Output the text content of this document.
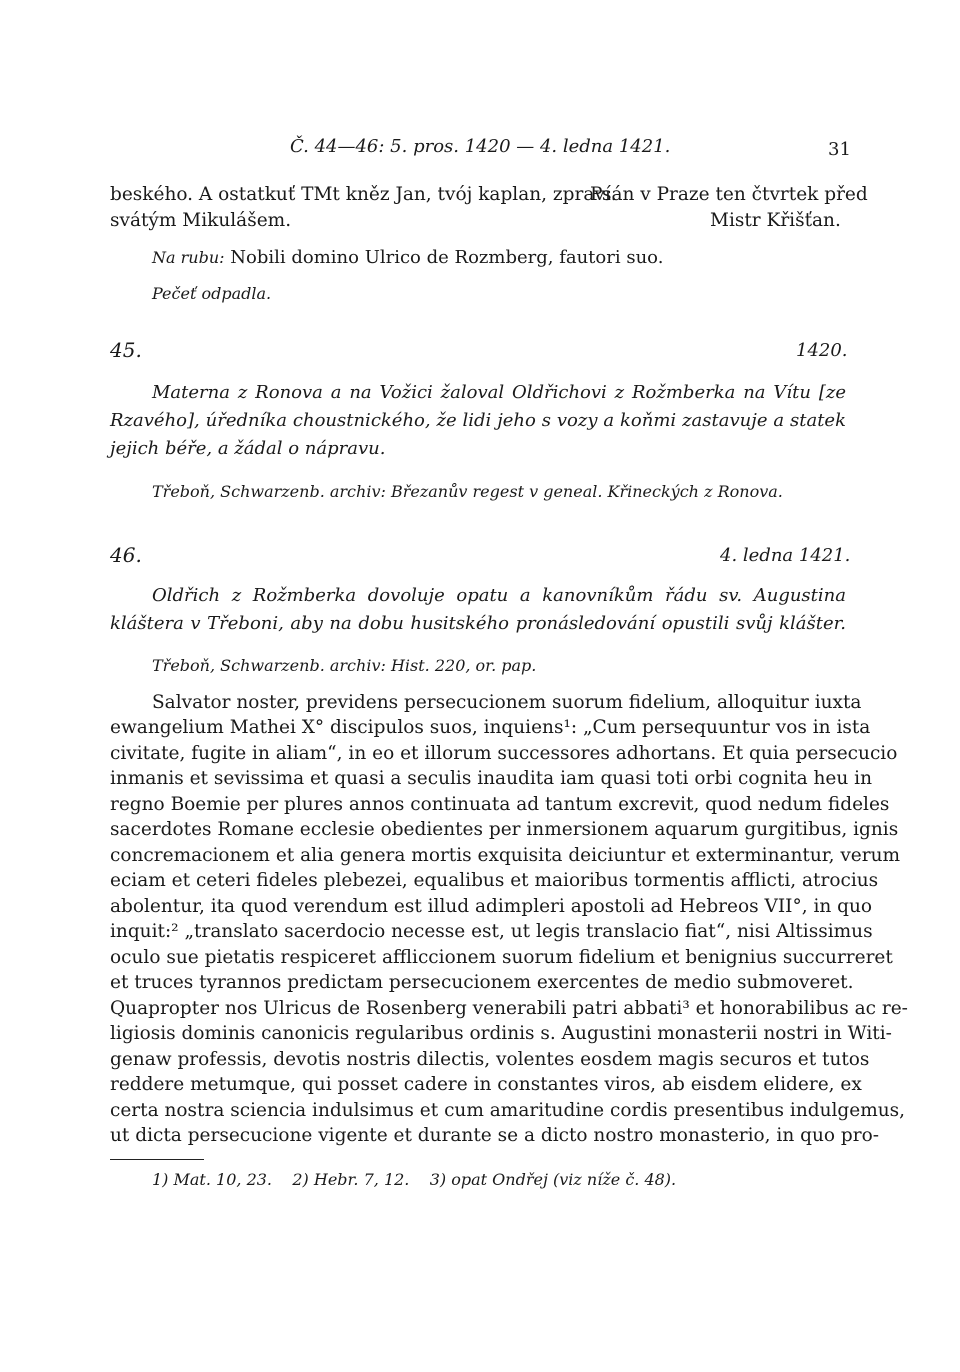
Č. 44—46: 5. pros. 1420 — 4. ledna 1421.	31
beského. A ostatkuť TMt kněz Jan, tvój kaplan, zpraví.
Psán v Praze ten čtvrtek před
svátým Mikulášem.	Mistr Křišťan.
Na rubu: Nobili domino Ulrico de Rozmberg, fautori suo.
Pečeť odpadla.
45.	1420.
Materna z Ronova a na Vožici žaloval Oldřichovi z Rožmberka na Vítu [ze
Rzavého], úředníka choustnického, že lidi jeho s vozy a koňmi zastavuje a statek
jejich béře, a žádal o nápravu.
Třeboň, Schwarzenb. archiv: Březanův regest v geneal. Křineckých z Ronova.
46.	4. ledna 1421.
Oldřich z Rožmberka dovoluje opatu a kanovníkům řádu sv. Augustina
kláštera v Třeboni, aby na dobu husitského pronásledování opustili svůj klášter.
Třeboň, Schwarzenb. archiv: Hist. 220, or. pap.
Salvator noster, previdens persecucionem suorum fidelium, alloquitur iuxta
ewangelium Mathei X° discipulos suos, inquiens¹: „Cum persequuntur vos in ista
civitate, fugite in aliam“, in eo et illorum successores adhortans. Et quia persecucio
inmanis et sevissima et quasi a seculis inaudita iam quasi toti orbi cognita heu in
regno Boemie per plures annos continuata ad tantum excrevit, quod nedum fideles
sacerdotes Romane ecclesie obedientes per inmersionem aquarum gurgitibus, ignis
concremacionem et alia genera mortis exquisita deiciuntur et exterminantur, verum
eciam et ceteri fideles plebezei, equalibus et maioribus tormentis afflicti, atrocius
abolentur, ita quod verendum est illud adimpleri apostoli ad Hebreos VII°, in quo
inquit:² „translato sacerdocio necesse est, ut legis translacio fiat“, nisi Altissimus
oculo sue pietatis respiceret affliccionem suorum fidelium et benignius succurreret
et truces tyrannos predictam persecucionem exercentes de medio submoveret.
Quapropter nos Ulricus de Rosenberg venerabili patri abbati³ et honorabilibus ac re-
ligiosis dominis canonicis regularibus ordinis s. Augustini monasterii nostri in Witi-
genaw professis, devotis nostris dilectis, volentes eosdem magis securos et tutos
reddere metumque, qui posset cadere in constantes viros, ab eisdem elidere, ex
certa nostra sciencia indulsimus et cum amaritudine cordis presentibus indulgemus,
ut dicta persecucione vigente et durante se a dicto nostro monasterio, in quo pro-
1) Mat. 10, 23.    2) Hebr. 7, 12.    3) opat Ondřej (viz níže č. 48).
